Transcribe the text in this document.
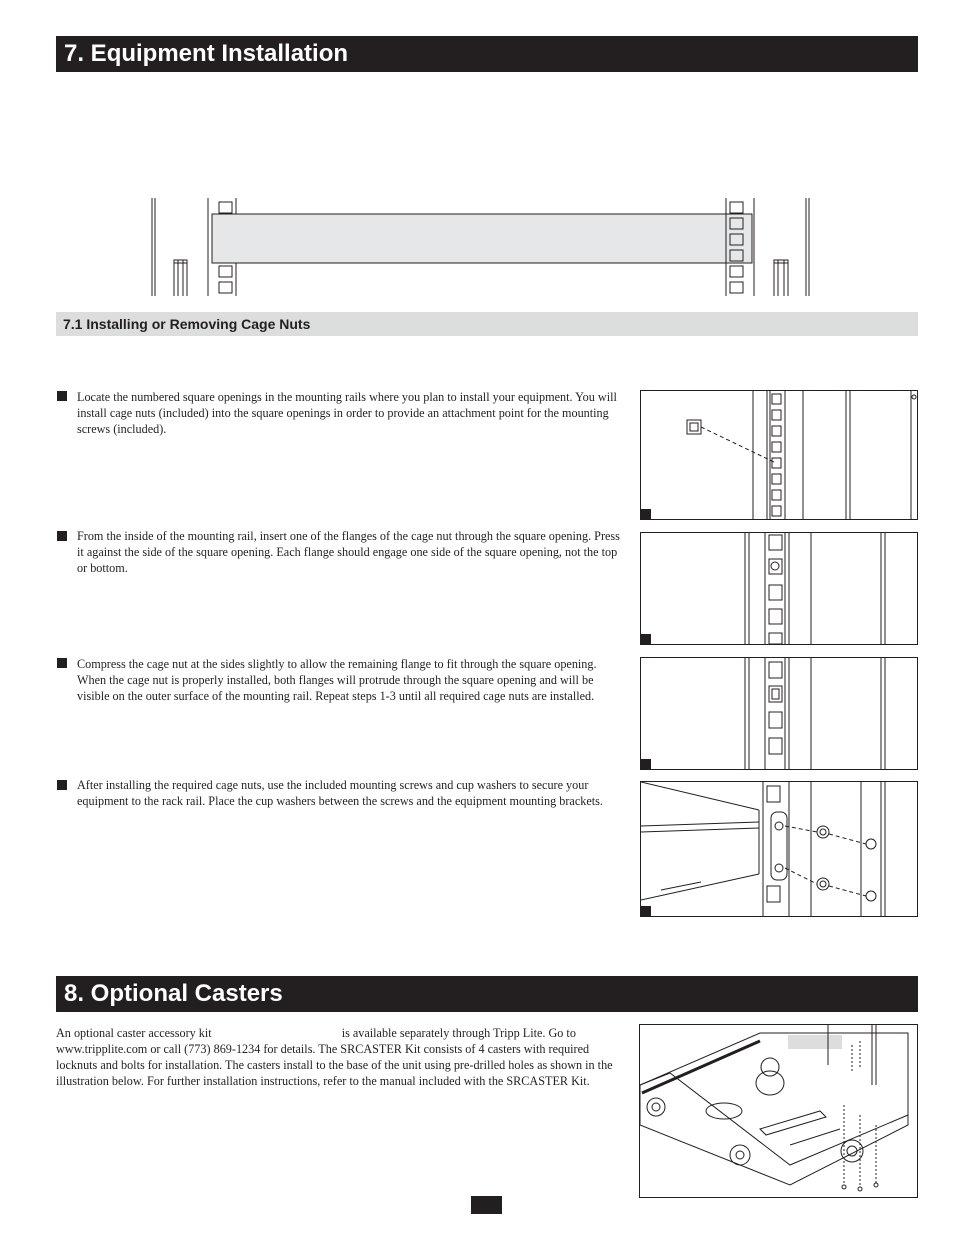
7. Equipment Installation
7.1 Installing or Removing Cage Nuts
Locate the numbered square openings in the mounting rails where you plan to install your equipment. You will install cage nuts (included) into the square openings in order to provide an attachment point for the mounting screws (included).
From the inside of the mounting rail, insert one of the flanges of the cage nut through the square opening. Press it against the side of the square opening. Each flange should engage one side of the square opening, not the top or bottom.
Compress the cage nut at the sides slightly to allow the remaining flange to fit through the square opening. When the cage nut is properly installed, both flanges will protrude through the square opening and will be visible on the outer surface of the mounting rail. Repeat steps 1-3 until all required cage nuts are installed.
After installing the required cage nuts, use the included mounting screws and cup washers to secure your equipment to the rack rail. Place the cup washers between the screws and the equipment mounting brackets.
8. Optional Casters
An optional caster accessory kit	is available separately through Tripp Lite. Go to www.tripplite.com or call (773) 869-1234 for details. The SRCASTER Kit consists of 4 casters with required locknuts and bolts for installation. The casters install to the base of the unit using pre-drilled holes as shown in the illustration below. For further installation instructions, refer to the manual included with the SRCASTER Kit.
